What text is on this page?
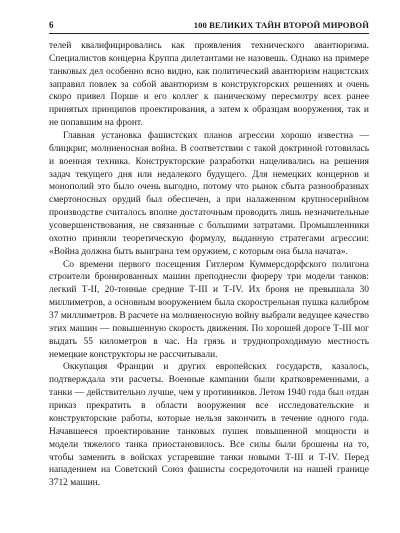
6	100 ВЕЛИКИХ ТАЙН ВТОРОЙ МИРОВОЙ

телей квалифицировались как проявления технического авантюризма. Специалистов концерна Круппа дилетантами не назовешь. Однако на примере танковых дел особенно ясно видно, как политический авантюризм нацистских заправил повлек за собой авантюризм в конструкторских решениях и очень скоро привел Порше и его коллег к паническому пересмотру всех ранее принятых принципов проектирования, а затем к образцам вооружения, так и не попавшим на фронт.

Главная установка фашистских планов агрессии хорошо известна — блицкриг, молниеносная война. В соответствии с такой доктриной готовилась и военная техника. Конструкторские разработки нацеливались на решения задач текущего дня или недалекого будущего. Для немецких концернов и монополий это было очень выгодно, потому что рынок сбыта разнообразных смертоносных орудий был обеспечен, а при налаженном крупносерийном производстве считалось вполне достаточным проводить лишь незначительные усовершенствования, не связанные с большими затратами. Промышленники охотно приняли теоретическую формулу, выданную стратегами агрессии: «Война должна быть выиграна тем оружием, с которым она была начата».

Со времени первого посещения Гитлером Куммерсдорфского полигона строители бронированных машин преподнесли фюреру три модели танков: легкий Т-II, 20-тонные средние Т-III и Т-IV. Их броня не превышала 30 миллиметров, а основным вооружением была скорострельная пушка калибром 37 миллиметров. В расчете на молниеносную войну выбрали ведущее качество этих машин — повышенную скорость движения. По хорошей дороге Т-III мог выдать 55 километров в час. На грязь и труднопроходимую местность немецкие конструкторы не рассчитывали.

Оккупация Франции и других европейских государств, казалось, подтверждала эти расчеты. Военные кампании были кратковременными, а танки — действительно лучше, чем у противников. Летом 1940 года был отдан приказ прекратить в области вооружения все исследовательские и конструкторские работы, которые нельзя закончить в течение одного года. Начавшееся проектирование танковых пушек повышенной мощности и модели тяжелого танка приостановилось. Все силы были брошены на то, чтобы заменить в войсках устаревшие танки новыми Т-III и Т-IV. Перед нападением на Советский Союз фашисты сосредоточили на нашей границе 3712 машин.
